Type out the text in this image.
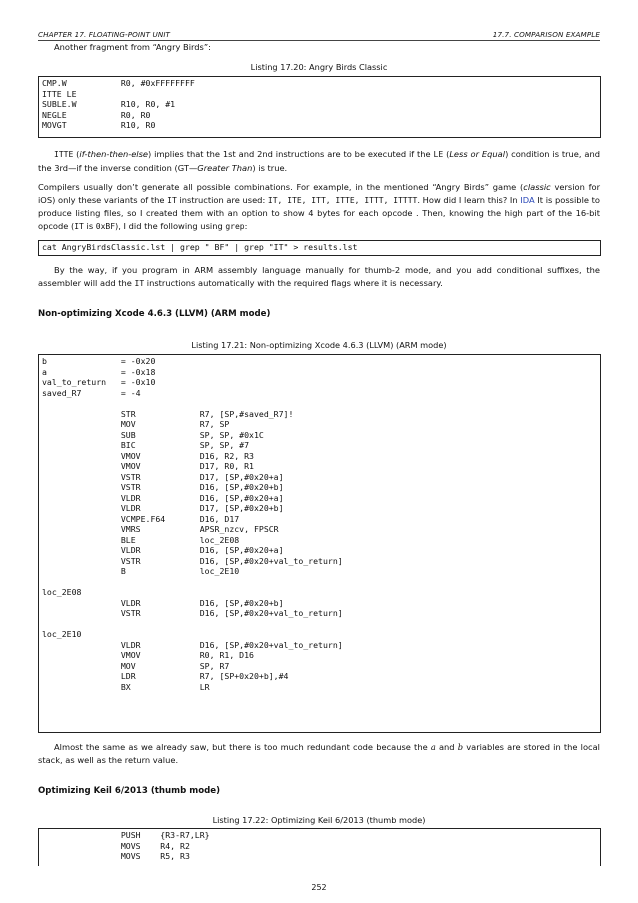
CHAPTER 17. FLOATING-POINT UNIT	17.7. COMPARISON EXAMPLE
Another fragment from “Angry Birds”:
Listing 17.20: Angry Birds Classic
CMP.W           R0, #0xFFFFFFFF
ITTE LE
SUBLE.W         R10, R0, #1
NEGLE           R0, R0
MOVGT           R10, R0
ITTE (if-then-then-else) implies that the 1st and 2nd instructions are to be executed if the LE (Less or Equal) condition is true, and the 3rd—if the inverse condition (GT—Greater Than) is true.
Compilers usually don’t generate all possible combinations. For example, in the mentioned “Angry Birds” game (classic version for iOS) only these variants of the IT instruction are used: IT, ITE, ITT, ITTE, ITTT, ITTTT. How did I learn this? In IDA It is possible to produce listing files, so I created them with an option to show 4 bytes for each opcode . Then, knowing the high part of the 16-bit opcode (IT is 0xBF), I did the following using grep:
cat AngryBirdsClassic.lst | grep " BF" | grep "IT" > results.lst
By the way, if you program in ARM assembly language manually for thumb-2 mode, and you add conditional suffixes, the assembler will add the IT instructions automatically with the required flags where it is necessary.
Non-optimizing Xcode 4.6.3 (LLVM) (ARM mode)
Listing 17.21: Non-optimizing Xcode 4.6.3 (LLVM) (ARM mode)
b               = -0x20
a               = -0x18
val_to_return   = -0x10
saved_R7        = -4
STR             R7, [SP,#saved_R7]!
MOV             R7, SP
SUB             SP, SP, #0x1C
BIC             SP, SP, #7
VMOV            D16, R2, R3
VMOV            D17, R0, R1
VSTR            D17, [SP,#0x20+a]
VSTR            D16, [SP,#0x20+b]
VLDR            D16, [SP,#0x20+a]
VLDR            D17, [SP,#0x20+b]
VCMPE.F64       D16, D17
VMRS            APSR_nzcv, FPSCR
BLE             loc_2E08
VLDR            D16, [SP,#0x20+a]
VSTR            D16, [SP,#0x20+val_to_return]
B               loc_2E10
loc_2E08
VLDR            D16, [SP,#0x20+b]
VSTR            D16, [SP,#0x20+val_to_return]
loc_2E10
VLDR            D16, [SP,#0x20+val_to_return]
VMOV            R0, R1, D16
MOV             SP, R7
LDR             R7, [SP+0x20+b],#4
BX              LR
Almost the same as we already saw, but there is too much redundant code because the a and b variables are stored in the local stack, as well as the return value.
Optimizing Keil 6/2013 (thumb mode)
Listing 17.22: Optimizing Keil 6/2013 (thumb mode)
PUSH    {R3-R7,LR}
MOVS    R4, R2
MOVS    R5, R3
252
